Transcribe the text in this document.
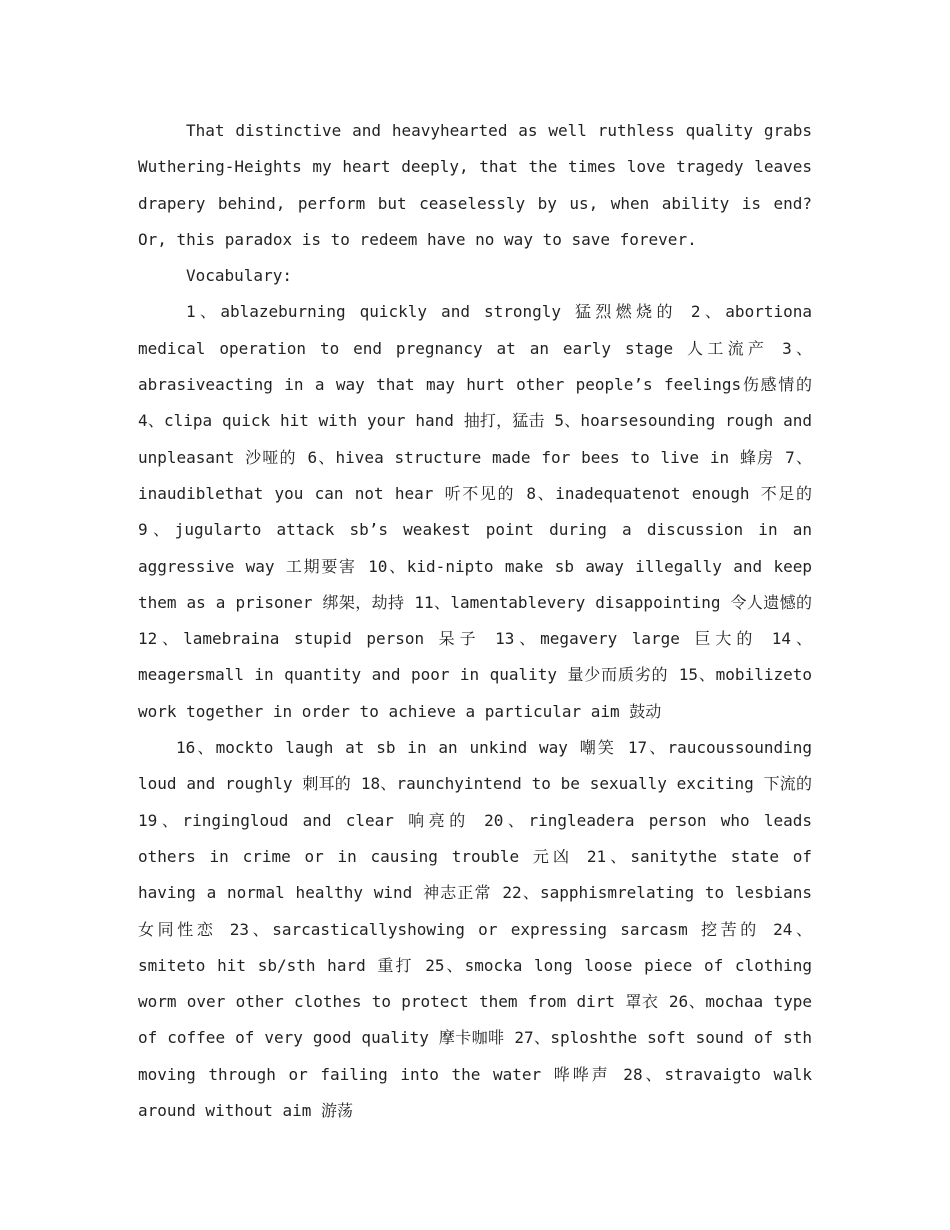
That distinctive and heavyhearted as well ruthless quality grabs Wuthering-Heights my heart deeply, that the times love tragedy leaves drapery behind, perform but ceaselessly by us, when ability is end? Or, this paradox is to redeem have no way to save forever.

Vocabulary:

1、ablazeburning quickly and strongly 猛烈燃烧的 2、abortiona medical operation to end pregnancy at an early stage 人工流产 3、abrasiveacting in a way that may hurt other people’s feelings伤感情的 4、clipa quick hit with your hand 抽打，猛击 5、hoarsesounding rough and unpleasant 沙哑的 6、hivea structure made for bees to live in 蜂房 7、inaudiblethat you can not hear 听不见的 8、inadequatenot enough 不足的 9、jugularto attack sb’s weakest point during a discussion in an aggressive way 工期要害 10、kid-nipto make sb away illegally and keep them as a prisoner 绑架，劫持 11、lamentablevery disappointing 令人遗憾的 12、lamebraina stupid person 呆子 13、megavery large 巨大的 14、meagersmall in quantity and poor in quality 量少而质劣的 15、mobilizeto work together in order to achieve a particular aim 鼓动

16、mockto laugh at sb in an unkind way 嘲笑 17、raucoussounding loud and roughly 刺耳的 18、raunchyintend to be sexually exciting 下流的 19、ringingloud and clear 响亮的 20、ringleadera person who leads others in crime or in causing trouble 元凶 21、sanitythe state of having a normal healthy wind 神志正常 22、sapphismrelating to lesbians 女同性恋 23、sarcasticallyshowing or expressing sarcasm 挖苦的 24、smiteto hit sb/sth hard 重打 25、smocka long loose piece of clothing worm over other clothes to protect them from dirt 罩衣 26、mochaa type of coffee of very good quality 摩卡咖啡 27、sploshthe soft sound of sth moving through or failing into the water 哗哗声 28、stravaigto walk around without aim 游荡
